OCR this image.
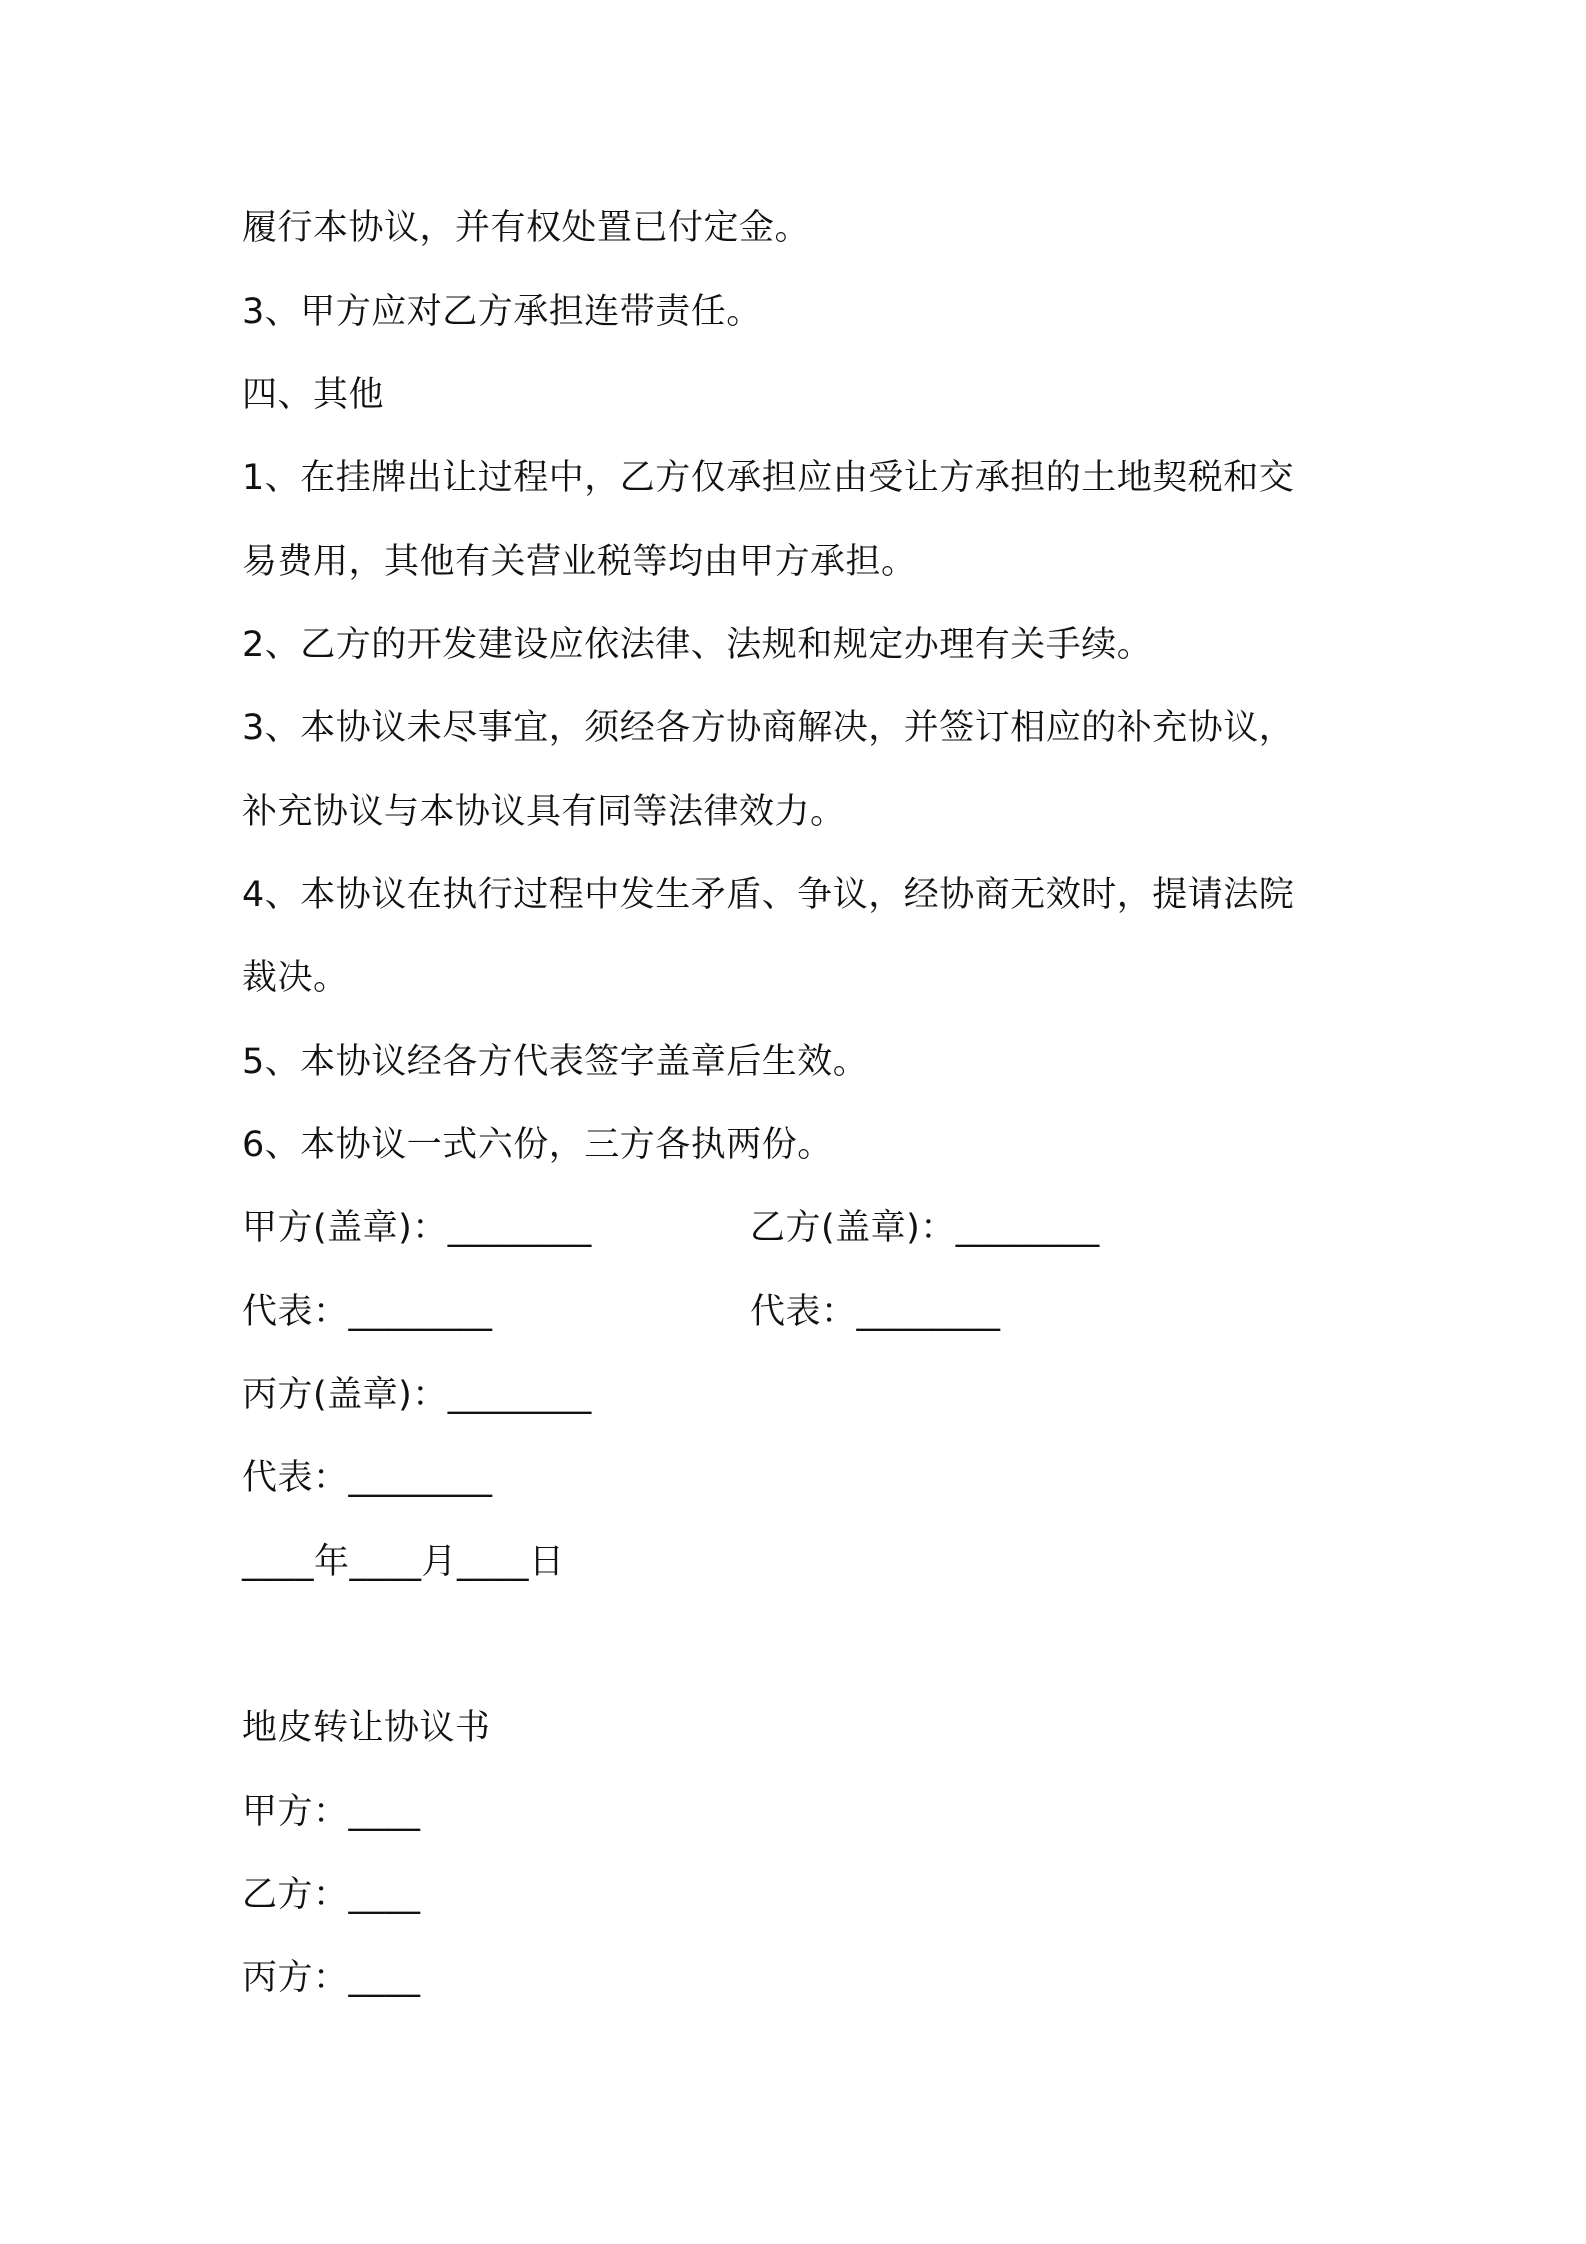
履行本协议，并有权处置已付定金。
3、甲方应对乙方承担连带责任。
四、其他
1、在挂牌出让过程中，乙方仅承担应由受让方承担的土地契税和交
易费用，其他有关营业税等均由甲方承担。
2、乙方的开发建设应依法律、法规和规定办理有关手续。
3、本协议未尽事宜，须经各方协商解决，并签订相应的补充协议，
补充协议与本协议具有同等法律效力。
4、本协议在执行过程中发生矛盾、争议，经协商无效时，提请法院
裁决。
5、本协议经各方代表签字盖章后生效。
6、本协议一式六份，三方各执两份。
甲方(盖章)：________	乙方(盖章)：________
代表：________	代表：________
丙方(盖章)：________
代表：________
____年____月____日
地皮转让协议书
甲方：____
乙方：____
丙方：____
